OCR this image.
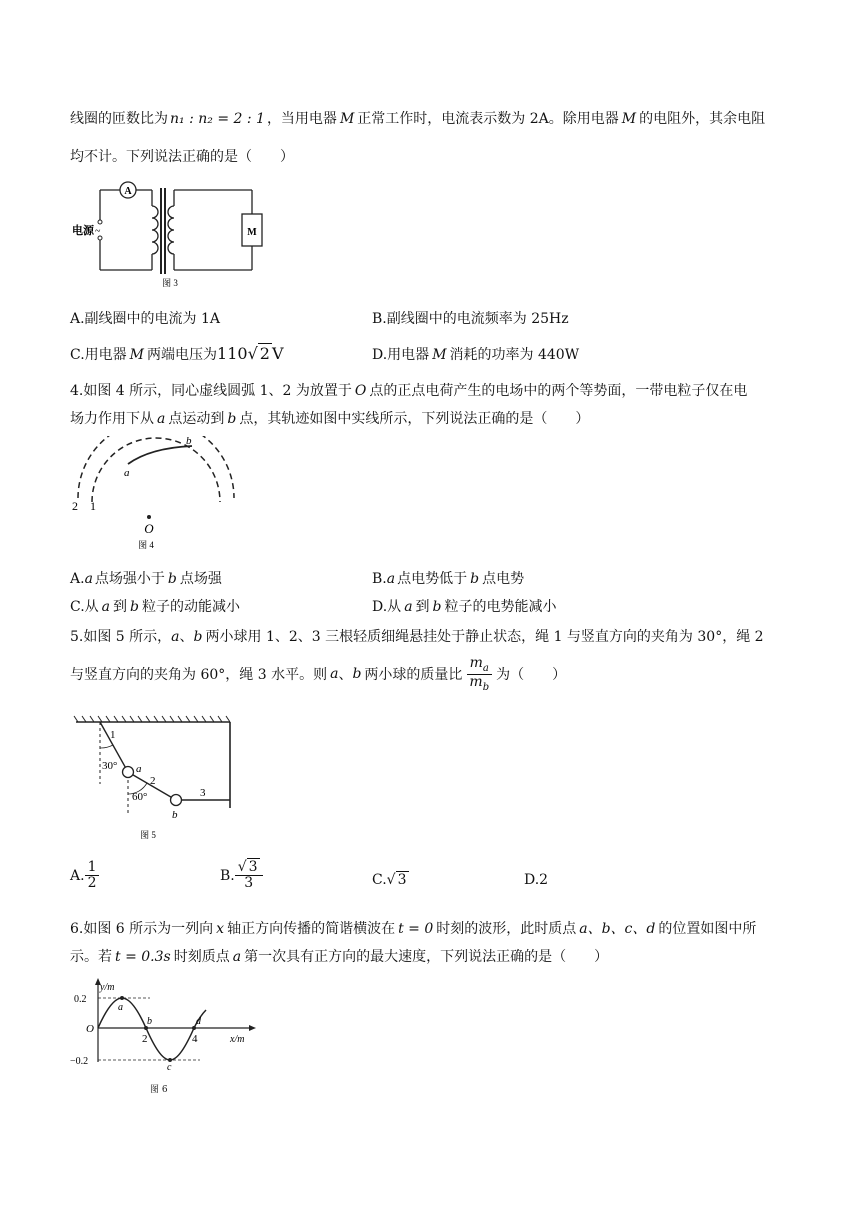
线圈的匝数比为 n₁ : n₂ = 2 : 1 ，当用电器 M 正常工作时，电流表示数为 2A。除用电器 M 的电阻外，其余电阻
均不计。下列说法正确的是（　　）
A
电源 ~	M
图 3
A.副线圈中的电流为 1A	B.副线圈中的电流频率为 25Hz
C.用电器 M 两端电压为110√ 2 V	D.用电器 M 消耗的功率为 440W
4.如图 4 所示，同心虚线圆弧 1、2 为放置于 O 点的正点电荷产生的电场中的两个等势面，一带电粒子仅在电
场力作用下从 a 点运动到 b 点，其轨迹如图中实线所示，下列说法正确的是（　　）
a
b
2 1
O
图 4
A.a 点场强小于 b 点场强	B.a 点电势低于 b 点电势
C.从 a 到 b 粒子的动能减小	D.从 a 到 b 粒子的电势能减小
5.如图 5 所示，a、b 两小球用 1、2、3 三根轻质细绳悬挂处于静止状态，绳 1 与竖直方向的夹角为 30°，绳 2
与竖直方向的夹角为 60°，绳 3 水平。则 a 、 b 两小球的质量比 $\frac{m_a}{m_b}$ 为（　　）
1
2
3
30°
60°
a
b
图 5
A. $\frac{1}{2}$	B. $\frac{√ 3}{3}$	C.√ 3	D.2
6.如图 6 所示为一列向 x 轴正方向传播的简谐横波在 t = 0 时刻的波形，此时质点 a、b、c、d 的位置如图中所
示。若 t = 0.3s 时刻质点 a 第一次具有正方向的最大速度，下列说法正确的是（　　）
y/m
x/m
0.2
−0.2
O
2	4
a
b
c
d
图 6
